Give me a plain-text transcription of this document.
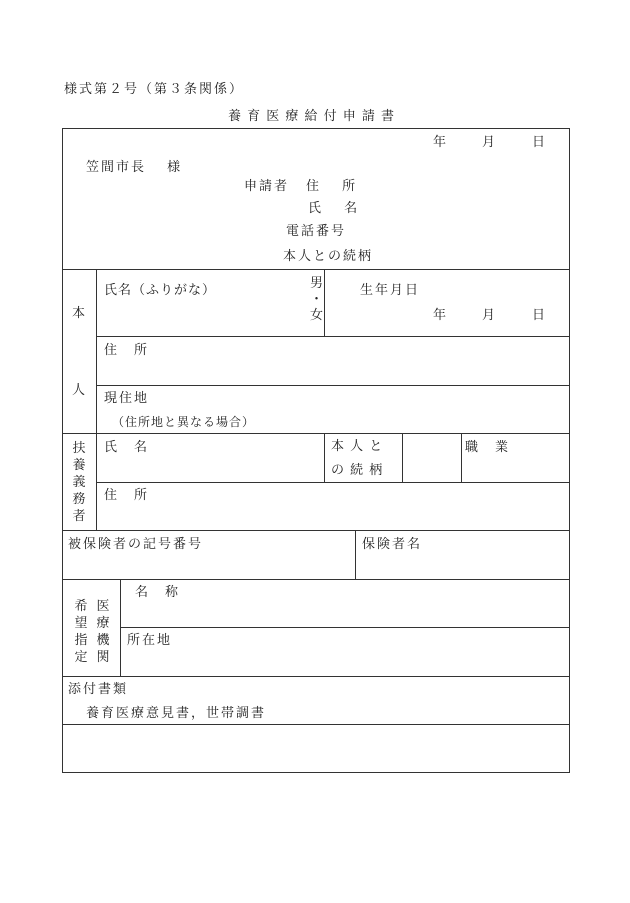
様式第２号（第３条関係）
養 育 医 療 給 付 申 請 書
年	月	日
笠間市長　 様
申請者 住　 所
氏　 名
電話番号
本人との続柄
本
人
氏名（ふりがな）	男
・
女
生年月日
年	月	日
住　所
現住地
（住所地と異なる場合）
扶養義務者
氏　名	本 人 と
の 続 柄
職　業
住　所
被保険者の記号番号	保険者名
希望指定
医療機関
名　称
所在地
添付書類
養育医療意見書，世帯調書
